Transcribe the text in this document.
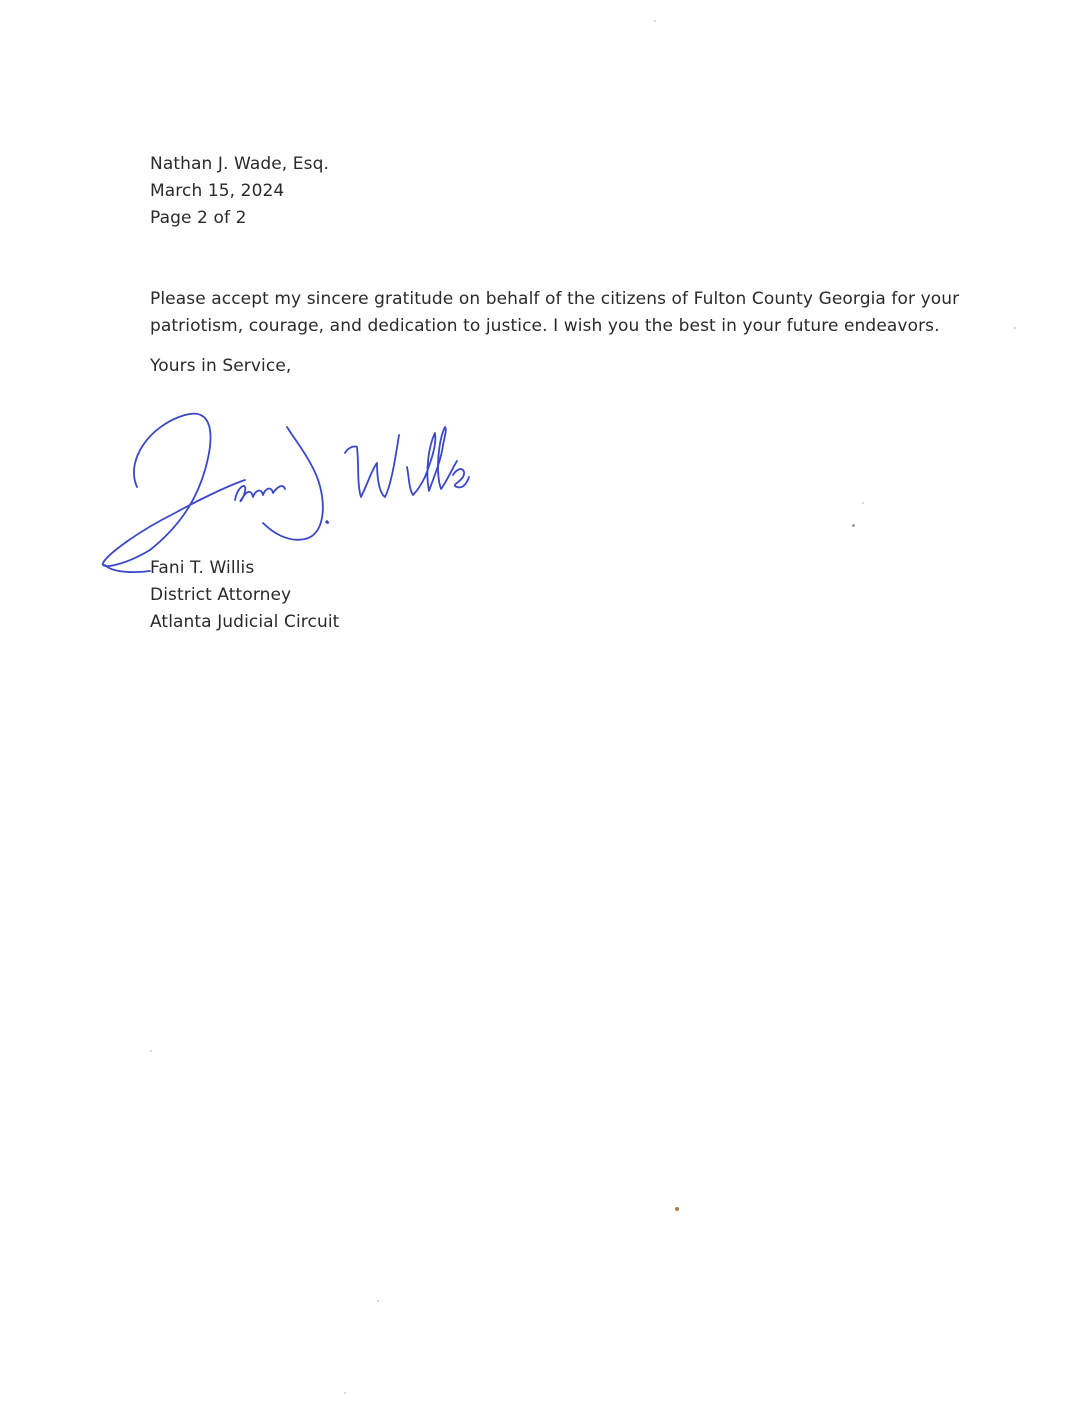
Nathan J. Wade, Esq.
March 15, 2024
Page 2 of 2
Please accept my sincere gratitude on behalf of the citizens of Fulton County Georgia for your
patriotism, courage, and dedication to justice. I wish you the best in your future endeavors.
Yours in Service,
Fani T. Willis
District Attorney
Atlanta Judicial Circuit
